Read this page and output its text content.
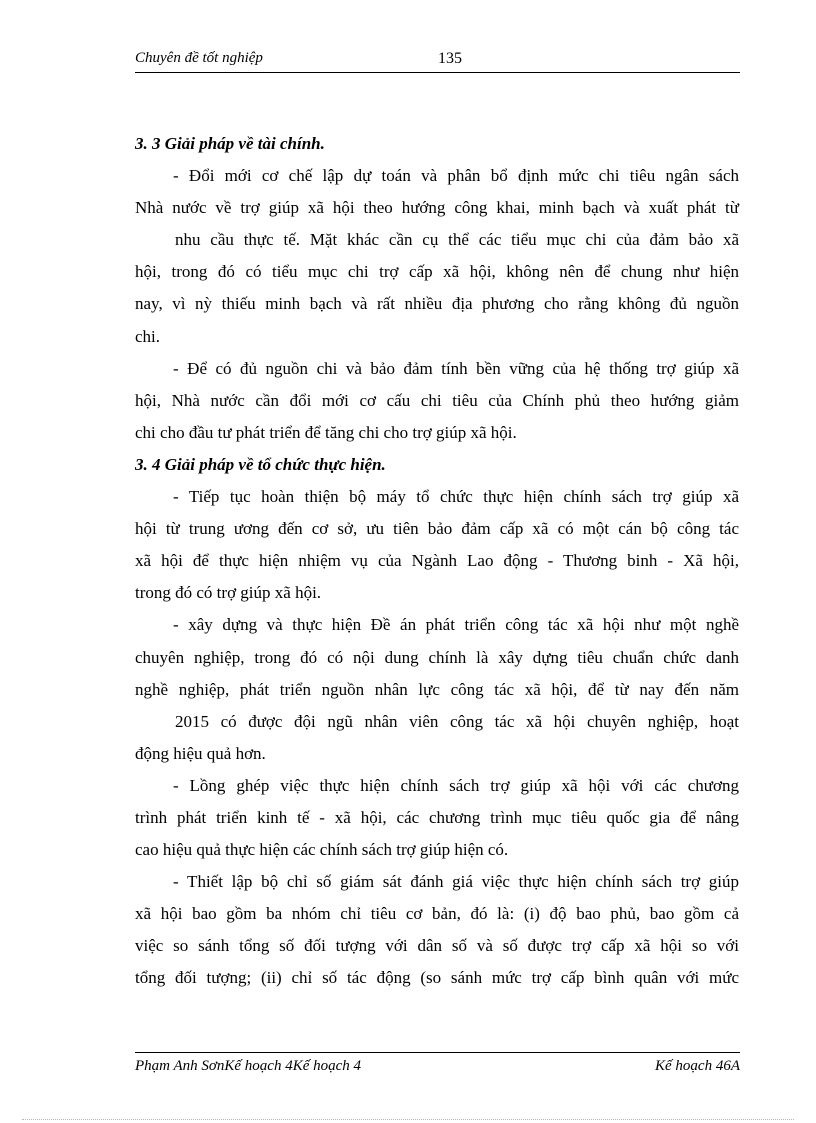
Chuyên đề tốt nghiệp	135
3. 3 Giải pháp về tài chính.
- Đổi mới cơ chế lập dự toán và phân bổ định mức chi tiêu ngân sách
Nhà nước về trợ giúp xã hội theo hướng công khai, minh bạch và xuất phát từ
nhu cầu thực tế. Mặt khác cần cụ thể các tiểu mục chi của đảm bảo xã
hội, trong đó có tiểu mục chi trợ cấp xã hội, không nên để chung như hiện
nay, vì nỳ thiếu minh bạch và rất nhiều địa phương cho rằng không đủ nguồn
chi.
- Để có đủ nguồn chi và bảo đảm tính bền vững của hệ thống trợ giúp xã
hội, Nhà nước cần đổi mới cơ cấu chi tiêu của Chính phủ theo hướng giảm
chi cho đầu tư phát triển để tăng chi cho trợ giúp xã hội.
3. 4 Giải pháp về tổ chức thực hiện.
- Tiếp tục hoàn thiện bộ máy tổ chức thực hiện chính sách trợ giúp xã
hội từ trung ương đến cơ sở, ưu tiên bảo đảm cấp xã có một cán bộ công tác
xã hội để thực hiện nhiệm vụ của Ngành Lao động - Thương binh - Xã hội,
trong đó có trợ giúp xã hội.
- xây dựng và thực hiện Đề án phát triển công tác xã hội như một nghề
chuyên nghiệp, trong đó có nội dung chính là xây dựng tiêu chuẩn chức danh
nghề nghiệp, phát triển nguồn nhân lực công tác xã hội, để từ nay đến năm
2015 có được đội ngũ nhân viên công tác xã hội chuyên nghiệp, hoạt
động hiệu quả hơn.
- Lồng ghép việc thực hiện chính sách trợ giúp xã hội với các chương
trình phát triển kinh tế - xã hội, các chương trình mục tiêu quốc gia để nâng
cao hiệu quả thực hiện các chính sách trợ giúp hiện có.
- Thiết lập bộ chỉ số giám sát đánh giá việc thực hiện chính sách trợ giúp
xã hội bao gồm ba nhóm chỉ tiêu cơ bản, đó là: (i) độ bao phủ, bao gồm cả
việc so sánh tổng số đối tượng với dân số và số được trợ cấp xã hội so với
tổng đối tượng; (ii) chỉ số tác động (so sánh mức trợ cấp bình quân với mức
Phạm Anh SơnKế hoạch 4Kế hoạch 4	Kế hoạch 46A
